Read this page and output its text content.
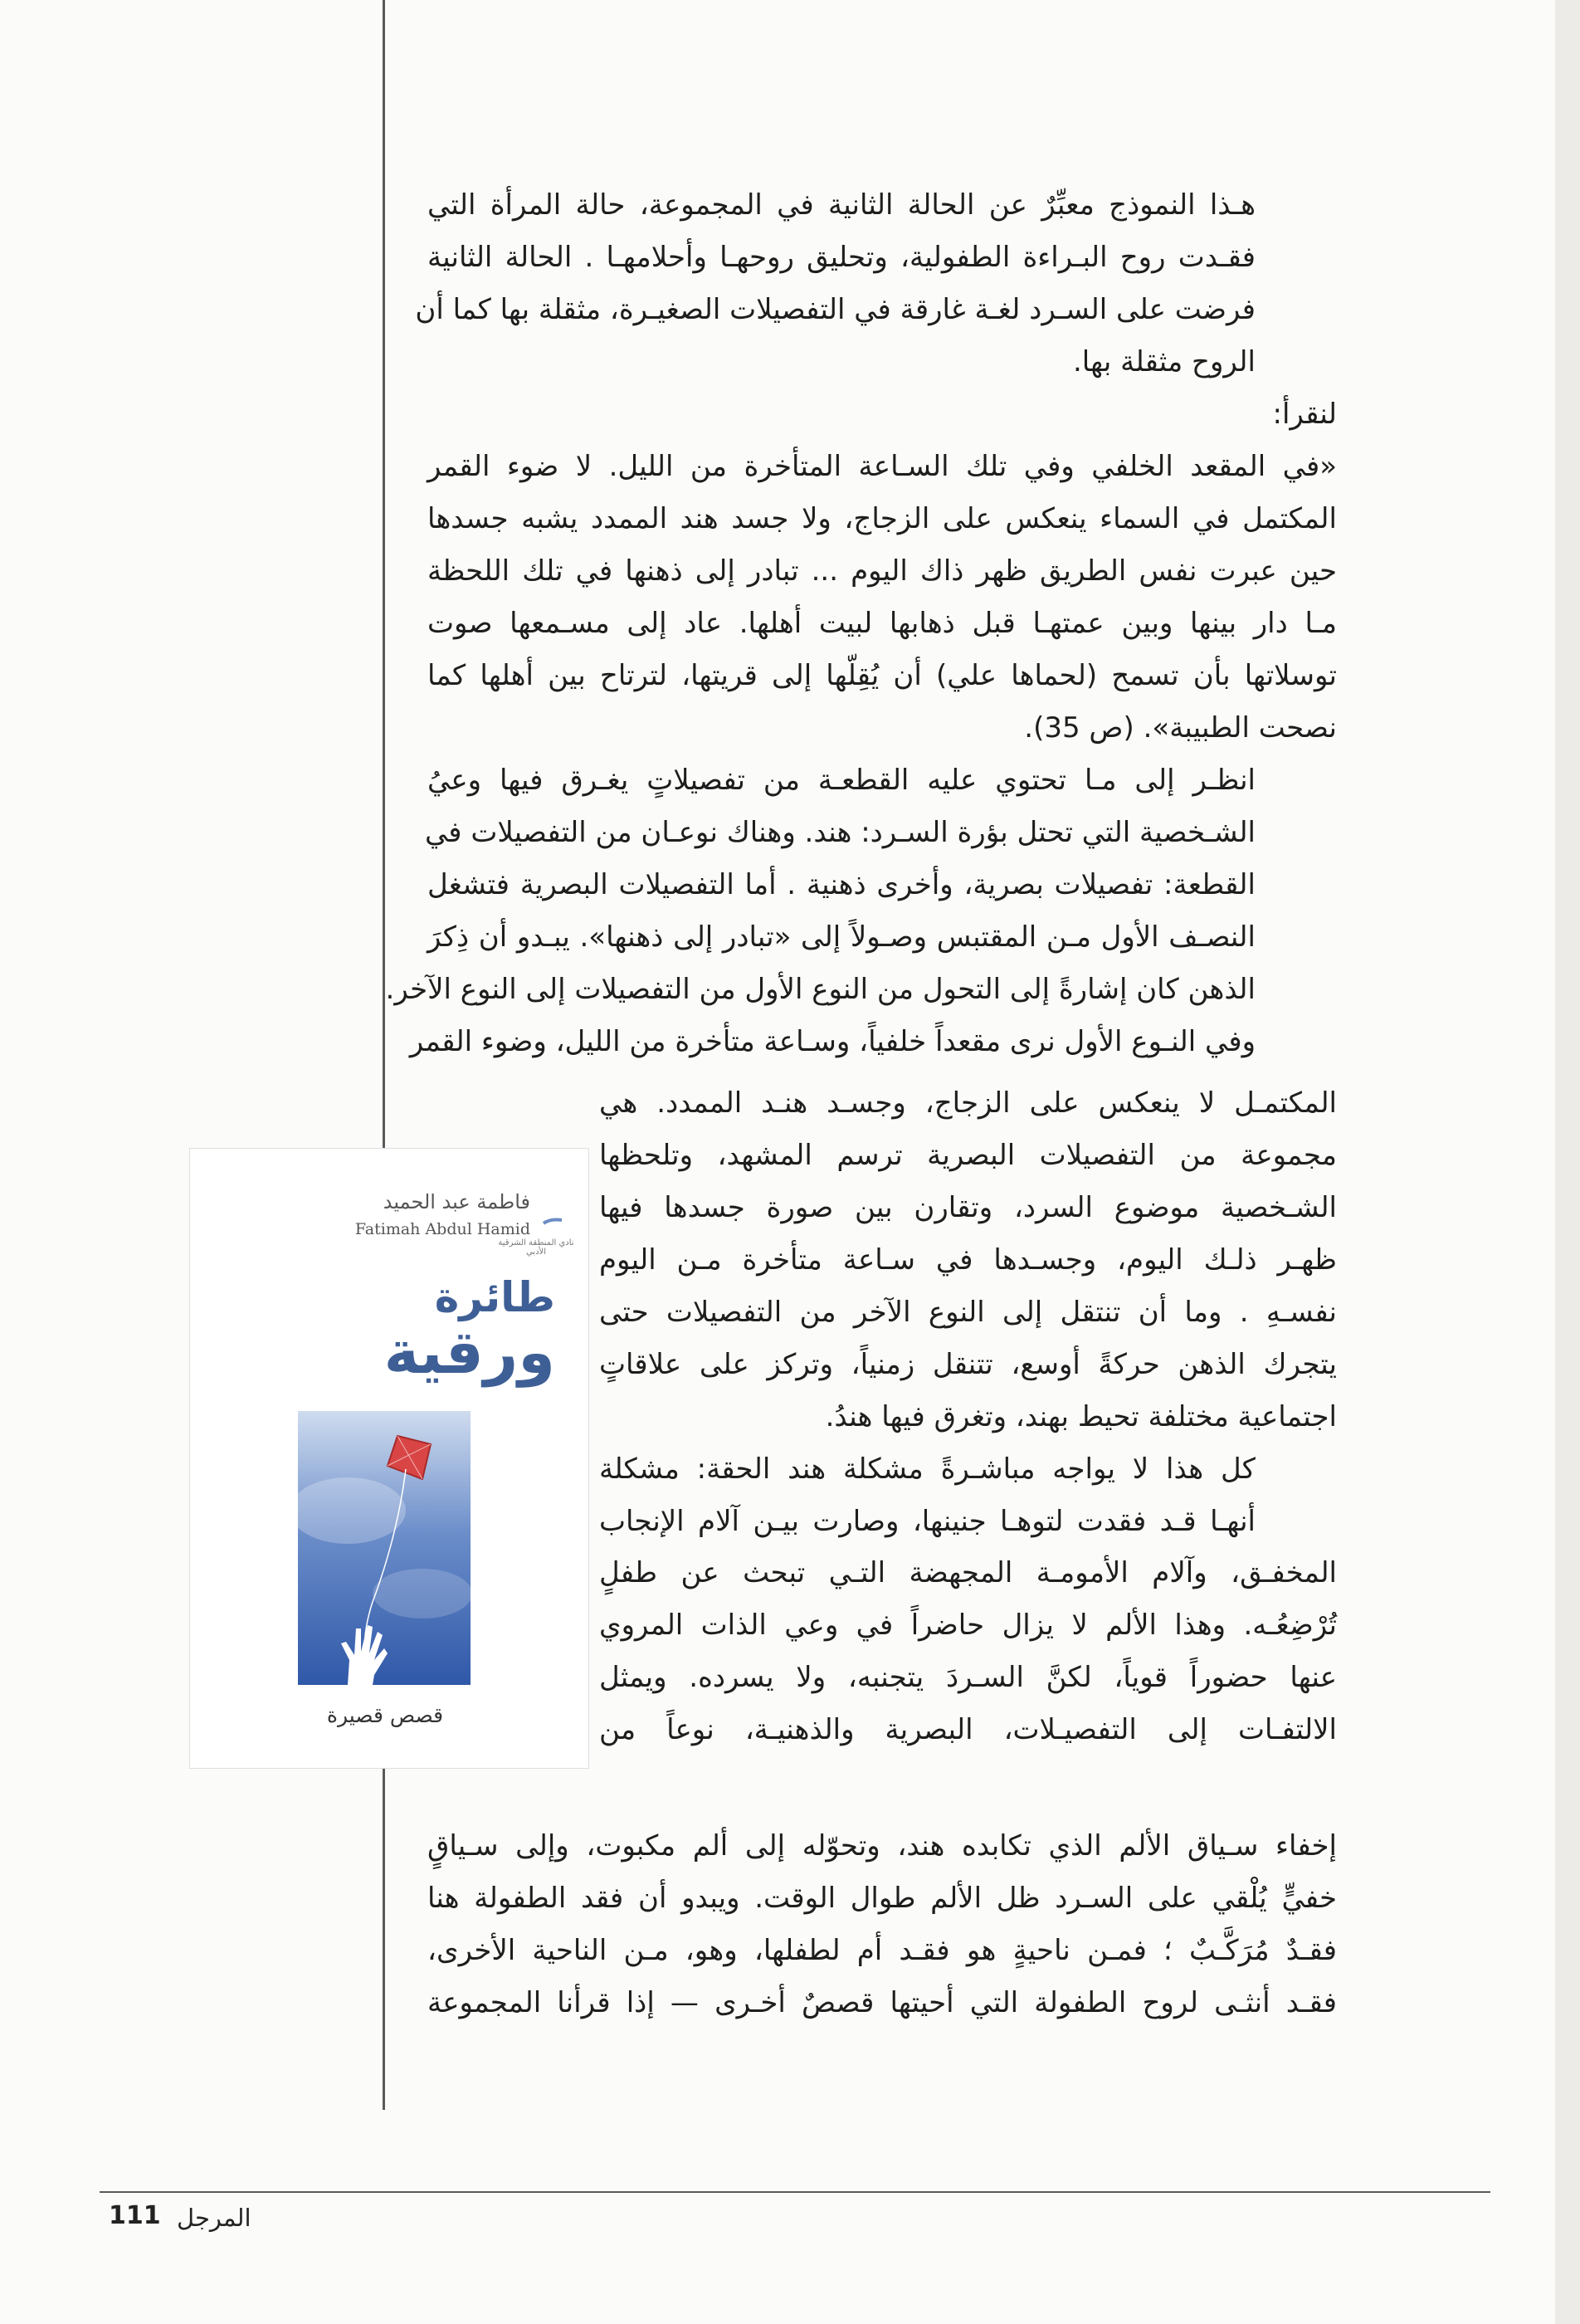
هـذا النموذج معبِّرٌ عن الحالة الثانية في المجموعة، حالة المرأة التي
فقـدت روح البـراءة الطفولية، وتحليق روحهـا وأحلامهـا . الحالة الثانية
فرضت على السـرد لغـة غارقة في التفصيلات الصغيـرة، مثقلة بها كما أن
الروح مثقلة بها.

لنقرأ:

«في المقعد الخلفي وفي تلك السـاعة المتأخرة من الليل. لا ضوء القمر
المكتمل في السماء ينعكس على الزجاج، ولا جسد هند الممدد يشبه جسدها
حين عبرت نفس الطريق ظهر ذاك اليوم ... تبادر إلى ذهنها في تلك اللحظة
مـا دار بينها وبين عمتهـا قبل ذهابها لبيت أهلها. عاد إلى مسـمعها صوت
توسلاتها بأن تسمح (لحماها علي) أن يُقِلّها إلى قريتها، لترتاح بين أهلها كما
نصحت الطبيبة». (ص 35).

انظـر إلى مـا تحتوي عليه القطعـة من تفصيلاتٍ يغـرق فيها وعيُ
الشـخصية التي تحتل بؤرة السـرد: هند. وهناك نوعـان من التفصيلات في
القطعة: تفصيلات بصرية، وأخرى ذهنية . أما التفصيلات البصرية فتشغل
النصـف الأول مـن المقتبس وصـولاً إلى «تبادر إلى ذهنها». يبـدو أن ذِكرَ
الذهن كان إشارةً إلى التحول من النوع الأول من التفصيلات إلى النوع الآخر.
وفي النـوع الأول نرى مقعداً خلفياً، وسـاعة متأخرة من الليل، وضوء القمر

المكتمـل لا ينعكس على الزجاج، وجسـد هنـد الممدد. هي
مجموعة من التفصيلات البصرية ترسم المشهد، وتلحظها
الشـخصية موضوع السرد، وتقارن بين صورة جسدها فيها
ظهـر ذلـك اليوم، وجسـدها في سـاعة متأخرة مـن اليوم
نفسـهِ . وما أن تنتقل إلى النوع الآخر من التفصيلات حتى
يتجرك الذهن حركةً أوسع، تتنقل زمنياً، وتركز على علاقاتٍ
اجتماعية مختلفة تحيط بهند، وتغرق فيها هندُ.

كل هذا لا يواجه مباشـرةً مشكلة هند الحقة: مشكلة
أنهـا قـد فقدت لتوهـا جنينها، وصارت بيـن آلام الإنجاب

المخفـق، وآلام الأمومـة المجهضة التـي تبحث عن طفلٍ
تُرْضِعُـه. وهذا الألم لا يزال حاضراً في وعي الذات المروي
عنها حضوراً قوياً، لكنَّ السـردَ يتجنبه، ولا يسرده. ويمثل
الالتفـات إلى التفصيـلات، البصرية والذهنيـة، نوعاً من

إخفاء سـياق الألم الذي تكابده هند، وتحوّله إلى ألم مكبوت، وإلى سـياقٍ
خفيٍّ يُلْقي على السـرد ظل الألم طوال الوقت. ويبدو أن فقد الطفولة هنا
فقـدٌ مُرَكَّـبٌ ؛ فمـن ناحيةٍ هو فقـد أم لطفلها، وهو، مـن الناحية الأخرى،
فقـد أنثـى لروح الطفولة التي أحيتها قصصٌ أخـرى — إذا قرأنا المجموعة

نادي المنطقة الشرقية الأدبي
فاطمة عبد الحميد
Fatimah Abdul Hamid
طائرة
ورقية
قصص قصيرة
المرجل
111
